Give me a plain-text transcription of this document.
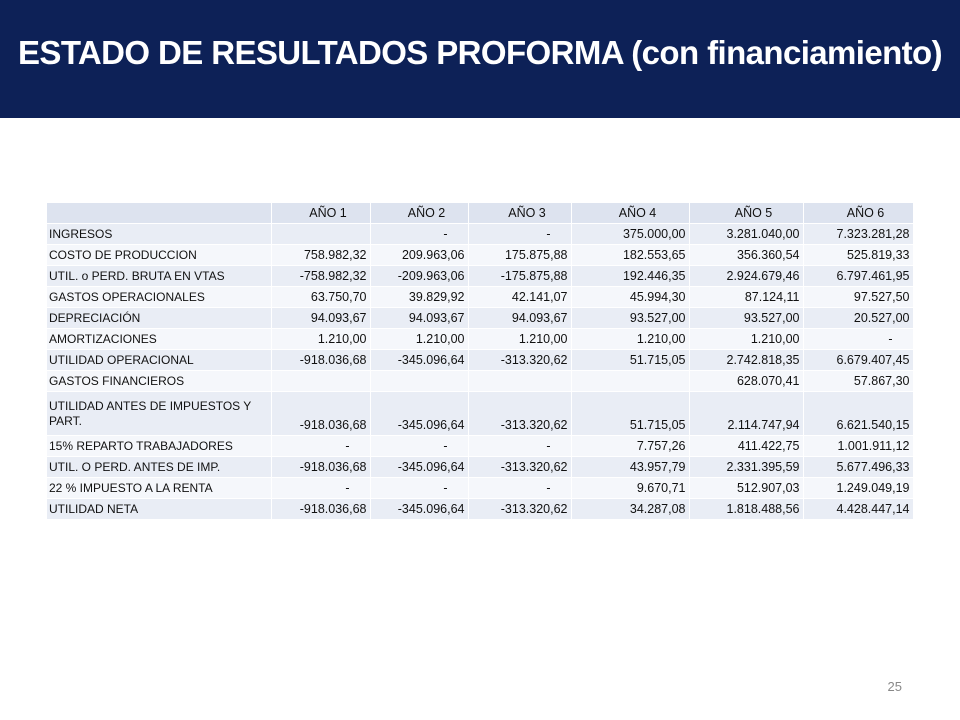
ESTADO DE RESULTADOS PROFORMA (con financiamiento)
	AÑO 1	AÑO 2	AÑO 3	AÑO 4	AÑO 5	AÑO 6
INGRESOS		-	-	375.000,00	3.281.040,00	7.323.281,28
COSTO DE PRODUCCION	758.982,32	209.963,06	175.875,88	182.553,65	356.360,54	525.819,33
UTIL. o PERD. BRUTA EN VTAS	-758.982,32	-209.963,06	-175.875,88	192.446,35	2.924.679,46	6.797.461,95
GASTOS OPERACIONALES	63.750,70	39.829,92	42.141,07	45.994,30	87.124,11	97.527,50
DEPRECIACIÓN	94.093,67	94.093,67	94.093,67	93.527,00	93.527,00	20.527,00
AMORTIZACIONES	1.210,00	1.210,00	1.210,00	1.210,00	1.210,00	-
UTILIDAD OPERACIONAL	-918.036,68	-345.096,64	-313.320,62	51.715,05	2.742.818,35	6.679.407,45
GASTOS FINANCIEROS					628.070,41	57.867,30
UTILIDAD ANTES DE IMPUESTOS Y PART.	-918.036,68	-345.096,64	-313.320,62	51.715,05	2.114.747,94	6.621.540,15
15% REPARTO TRABAJADORES	-	-	-	7.757,26	411.422,75	1.001.911,12
UTIL. O PERD. ANTES DE IMP.	-918.036,68	-345.096,64	-313.320,62	43.957,79	2.331.395,59	5.677.496,33
22 % IMPUESTO A LA RENTA	-	-	-	9.670,71	512.907,03	1.249.049,19
UTILIDAD NETA	-918.036,68	-345.096,64	-313.320,62	34.287,08	1.818.488,56	4.428.447,14
25
